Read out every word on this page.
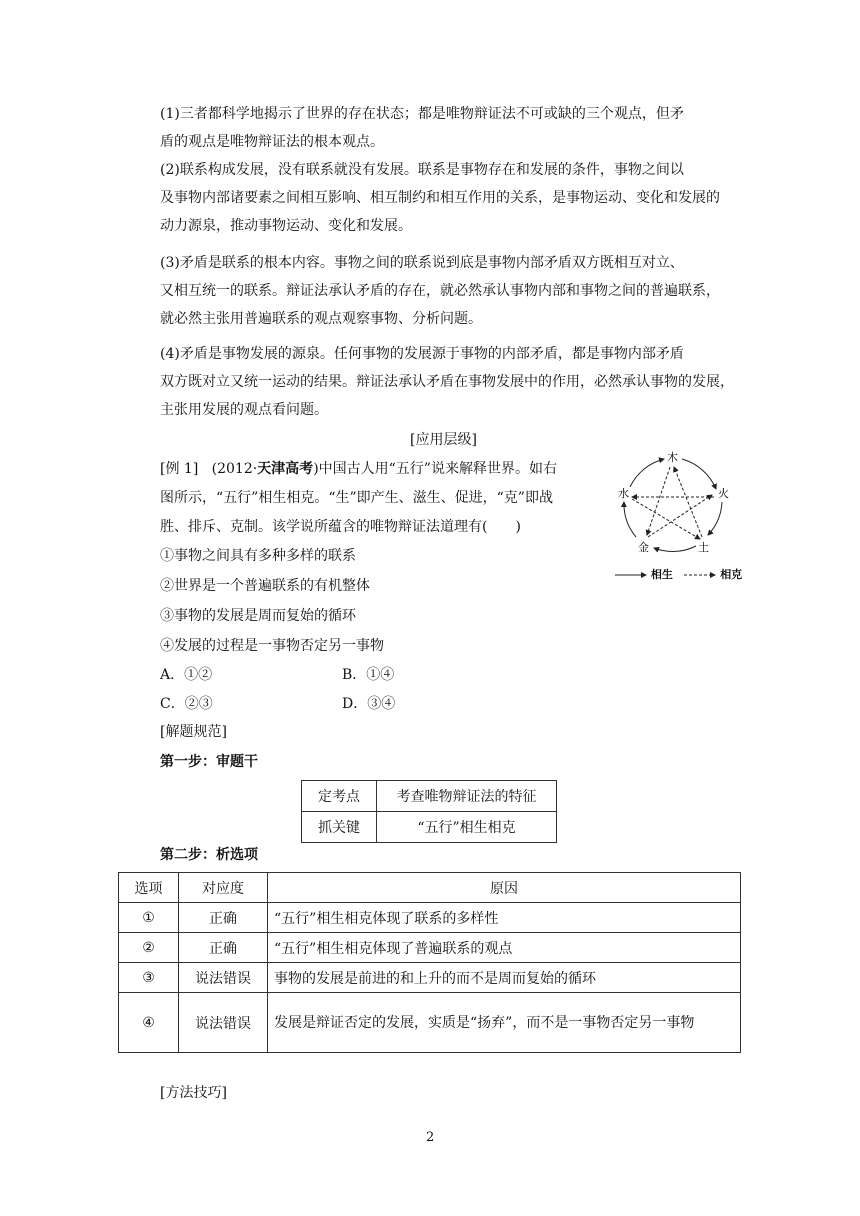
(1)三者都科学地揭示了世界的存在状态；都是唯物辩证法不可或缺的三个观点，但矛
盾的观点是唯物辩证法的根本观点。
(2)联系构成发展，没有联系就没有发展。联系是事物存在和发展的条件，事物之间以
及事物内部诸要素之间相互影响、相互制约和相互作用的关系，是事物运动、变化和发展的
动力源泉，推动事物运动、变化和发展。
(3)矛盾是联系的根本内容。事物之间的联系说到底是事物内部矛盾双方既相互对立、
又相互统一的联系。辩证法承认矛盾的存在，就必然承认事物内部和事物之间的普遍联系，
就必然主张用普遍联系的观点观察事物、分析问题。
(4)矛盾是事物发展的源泉。任何事物的发展源于事物的内部矛盾，都是事物内部矛盾
双方既对立又统一运动的结果。辩证法承认矛盾在事物发展中的作用，必然承认事物的发展，
主张用发展的观点看问题。
[应用层级]
[例 1] (2012·天津高考)中国古人用“五行”说来解释世界。如右
图所示，“五行”相生相克。“生”即产生、滋生、促进，“克”即战
胜、排斥、克制。该学说所蕴含的唯物辩证法道理有(　　)
①事物之间具有多种多样的联系
②世界是一个普遍联系的有机整体
③事物的发展是周而复始的循环
④发展的过程是一事物否定另一事物
A．①②	B．①④
C．②③	D．③④
木
火
土
金
水
相生	相克
[解题规范]
第一步：审题干
定考点	考查唯物辩证法的特征
抓关键	“五行”相生相克
第二步：析选项
选项	对应度	原因
①	正确	“五行”相生相克体现了联系的多样性
②	正确	“五行”相生相克体现了普遍联系的观点
③	说法错误	事物的发展是前进的和上升的而不是周而复始的循环
④	说法错误	发展是辩证否定的发展，实质是“扬弃”，而不是一事物否定另一事物
[方法技巧]
2
